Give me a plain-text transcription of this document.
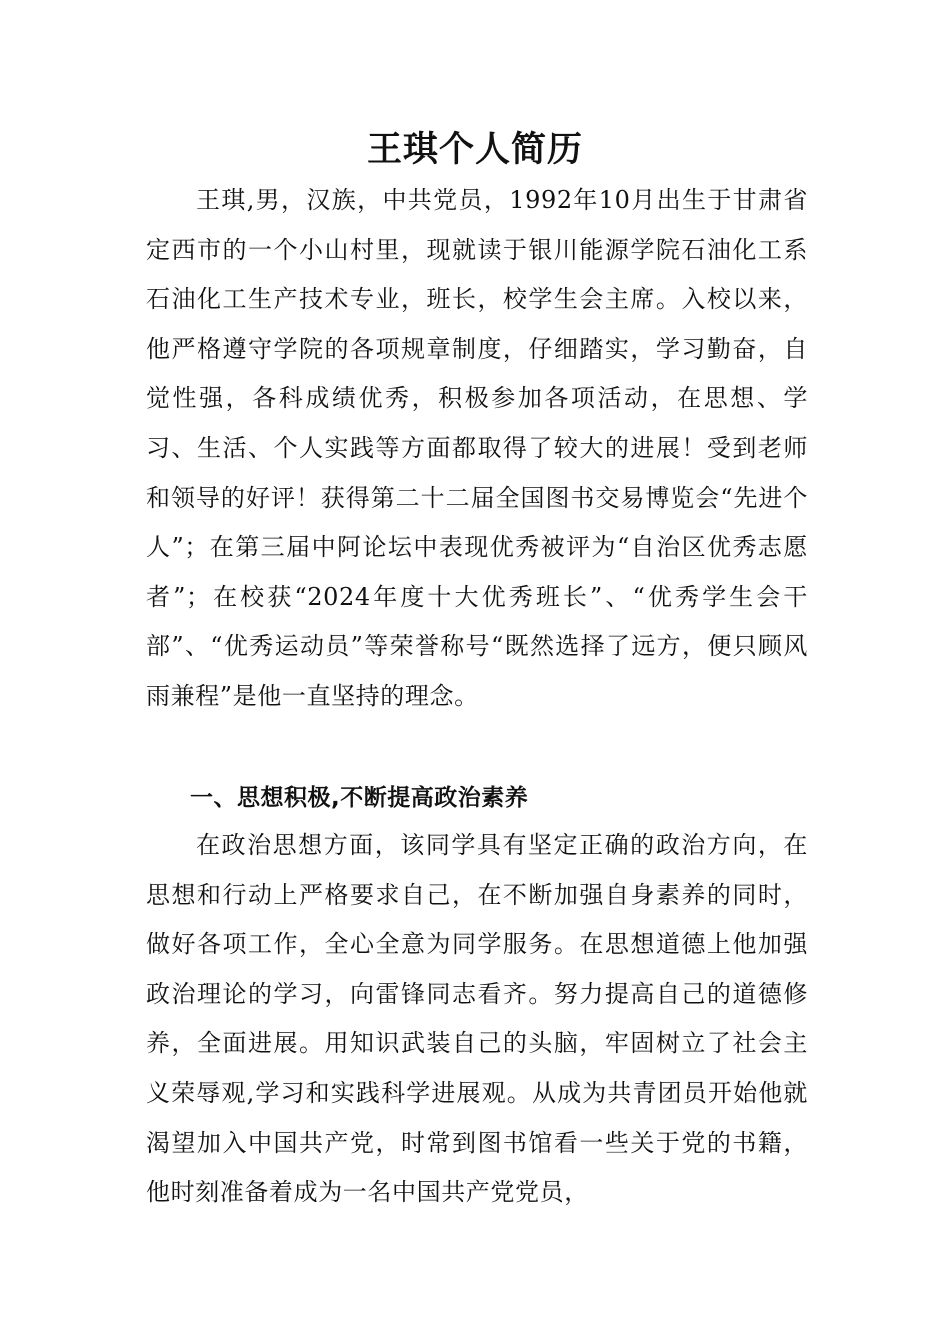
王琪个人简历

王琪,男，汉族，中共党员，1992年10月出生于甘肃省定西市的一个小山村里，现就读于银川能源学院石油化工系石油化工生产技术专业，班长，校学生会主席。入校以来，他严格遵守学院的各项规章制度，仔细踏实，学习勤奋，自觉性强，各科成绩优秀，积极参加各项活动，在思想、学习、生活、个人实践等方面都取得了较大的进展！受到老师和领导的好评！获得第二十二届全国图书交易博览会“先进个人”；在第三届中阿论坛中表现优秀被评为“自治区优秀志愿者”；在校获“2024年度十大优秀班长”、“优秀学生会干部”、“优秀运动员”等荣誉称号“既然选择了远方，便只顾风雨兼程”是他一直坚持的理念。

一、思想积极,不断提高政治素养

在政治思想方面，该同学具有坚定正确的政治方向，在思想和行动上严格要求自己，在不断加强自身素养的同时，做好各项工作，全心全意为同学服务。在思想道德上他加强政治理论的学习，向雷锋同志看齐。努力提高自己的道德修养，全面进展。用知识武装自己的头脑，牢固树立了社会主义荣辱观,学习和实践科学进展观。从成为共青团员开始他就渴望加入中国共产党，时常到图书馆看一些关于党的书籍，他时刻准备着成为一名中国共产党党员，
